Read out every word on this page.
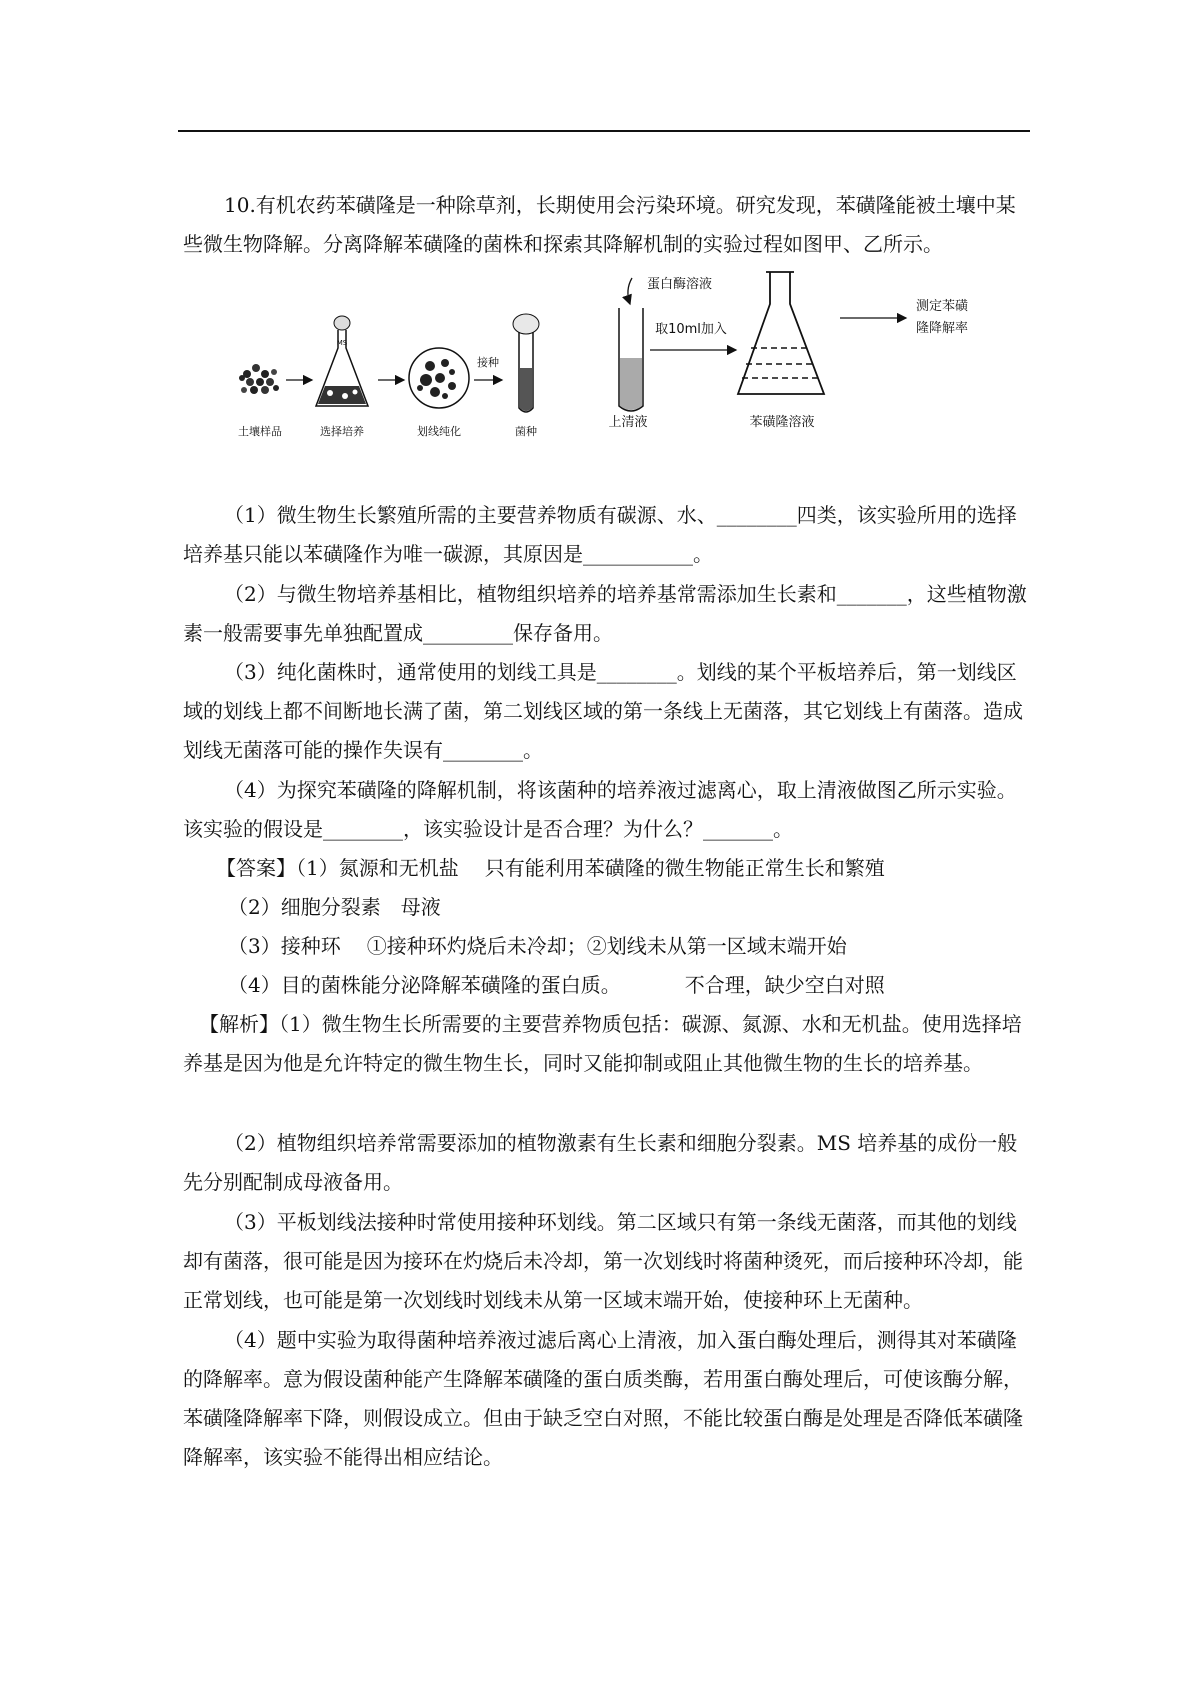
10.有机农药苯磺隆是一种除草剂，长期使用会污染环境。研究发现，苯磺隆能被土壤中某些微生物降解。分离降解苯磺隆的菌株和探索其降解机制的实验过程如图甲、乙所示。

土壤样品
MS
选择培养	划线纯化
接种
菌种
蛋白酶溶液
上清液
取10ml加入
苯磺隆溶液
测定苯磺
隆降解率

（1）微生物生长繁殖所需的主要营养物质有碳源、水、________四类，该实验所用的选择培养基只能以苯磺隆作为唯一碳源，其原因是___________。

（2）与微生物培养基相比，植物组织培养的培养基常需添加生长素和_______，这些植物激素一般需要事先单独配置成_________保存备用。

（3）纯化菌株时，通常使用的划线工具是________。划线的某个平板培养后，第一划线区域的划线上都不间断地长满了菌，第二划线区域的第一条线上无菌落，其它划线上有菌落。造成划线无菌落可能的操作失误有________。

（4）为探究苯磺隆的降解机制，将该菌种的培养液过滤离心，取上清液做图乙所示实验。该实验的假设是________，该实验设计是否合理？为什么？_______。

【答案】（1）氮源和无机盐 只有能利用苯磺隆的微生物能正常生长和繁殖

（2）细胞分裂素　母液

（3）接种环 ①接种环灼烧后未冷却；②划线未从第一区域末端开始

（4）目的菌株能分泌降解苯磺隆的蛋白质。	不合理，缺少空白对照

【解析】（1）微生物生长所需要的主要营养物质包括：碳源、氮源、水和无机盐。使用选择培养基是因为他是允许特定的微生物生长，同时又能抑制或阻止其他微生物的生长的培养基。

（2）植物组织培养常需要添加的植物激素有生长素和细胞分裂素。MS 培养基的成份一般先分别配制成母液备用。

（3）平板划线法接种时常使用接种环划线。第二区域只有第一条线无菌落，而其他的划线却有菌落，很可能是因为接环在灼烧后未冷却，第一次划线时将菌种烫死，而后接种环冷却，能正常划线，也可能是第一次划线时划线未从第一区域末端开始，使接种环上无菌种。

（4）题中实验为取得菌种培养液过滤后离心上清液，加入蛋白酶处理后，测得其对苯磺隆的降解率。意为假设菌种能产生降解苯磺隆的蛋白质类酶，若用蛋白酶处理后，可使该酶分解，苯磺隆降解率下降，则假设成立。但由于缺乏空白对照，不能比较蛋白酶是处理是否降低苯磺隆降解率，该实验不能得出相应结论。
